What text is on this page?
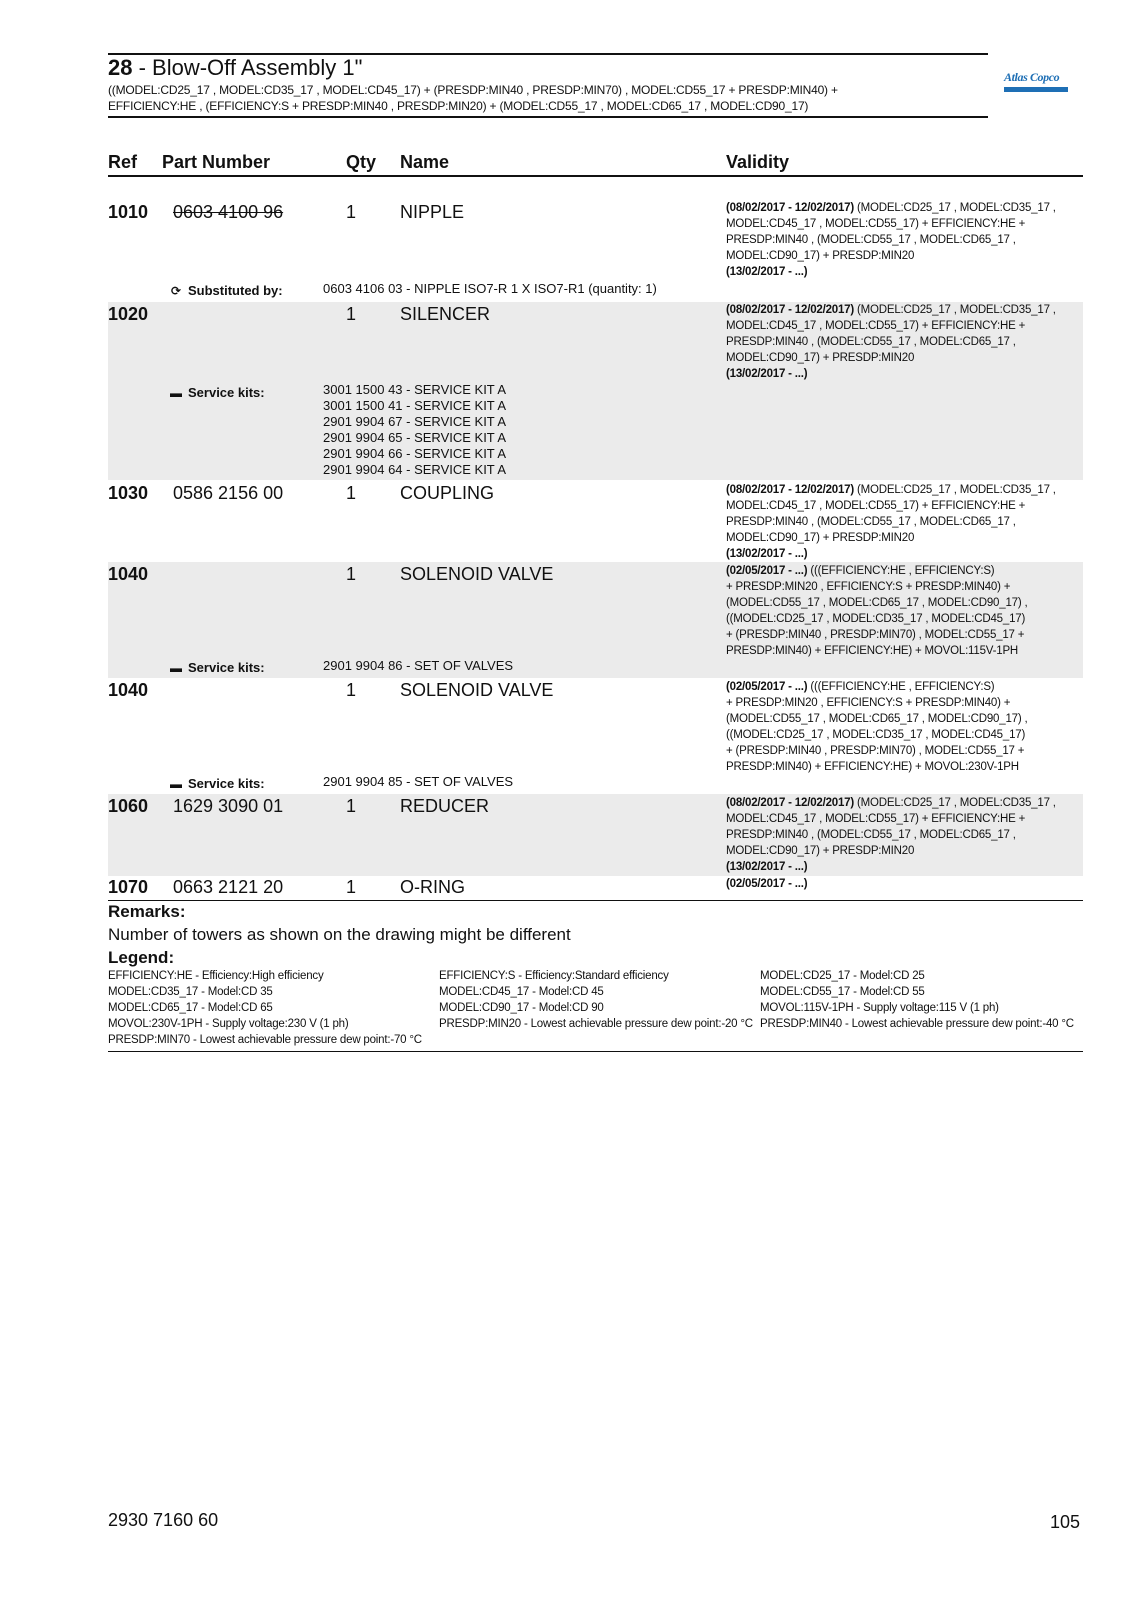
28 - Blow-Off Assembly 1"
((MODEL:CD25_17 , MODEL:CD35_17 , MODEL:CD45_17) + (PRESDP:MIN40 , PRESDP:MIN70) , MODEL:CD55_17 + PRESDP:MIN40) +
EFFICIENCY:HE , (EFFICIENCY:S + PRESDP:MIN40 , PRESDP:MIN20) + (MODEL:CD55_17 , MODEL:CD65_17 , MODEL:CD90_17)
Atlas Copco
Ref Part Number	Qty Name	Validity
1010 0603 4100 96	1 NIPPLE	(08/02/2017 - 12/02/2017) (MODEL:CD25_17 , MODEL:CD35_17 ,
MODEL:CD45_17 , MODEL:CD55_17) + EFFICIENCY:HE +
PRESDP:MIN40 , (MODEL:CD55_17 , MODEL:CD65_17 ,
MODEL:CD90_17) + PRESDP:MIN20
(13/02/2017 - ...)
⟳ Substituted by:	0603 4106 03 - NIPPLE ISO7-R 1 X ISO7-R1 (quantity: 1)
1020	1 SILENCER	(08/02/2017 - 12/02/2017) (MODEL:CD25_17 , MODEL:CD35_17 ,
MODEL:CD45_17 , MODEL:CD55_17) + EFFICIENCY:HE +
PRESDP:MIN40 , (MODEL:CD55_17 , MODEL:CD65_17 ,
MODEL:CD90_17) + PRESDP:MIN20
(13/02/2017 - ...)
▬ Service kits:	3001 1500 43 - SERVICE KIT A
3001 1500 41 - SERVICE KIT A
2901 9904 67 - SERVICE KIT A
2901 9904 65 - SERVICE KIT A
2901 9904 66 - SERVICE KIT A
2901 9904 64 - SERVICE KIT A
1030 0586 2156 00	1 COUPLING	(08/02/2017 - 12/02/2017) (MODEL:CD25_17 , MODEL:CD35_17 ,
MODEL:CD45_17 , MODEL:CD55_17) + EFFICIENCY:HE +
PRESDP:MIN40 , (MODEL:CD55_17 , MODEL:CD65_17 ,
MODEL:CD90_17) + PRESDP:MIN20
(13/02/2017 - ...)
1040	1 SOLENOID VALVE	(02/05/2017 - ...) (((EFFICIENCY:HE , EFFICIENCY:S)
+ PRESDP:MIN20 , EFFICIENCY:S + PRESDP:MIN40) +
(MODEL:CD55_17 , MODEL:CD65_17 , MODEL:CD90_17) ,
((MODEL:CD25_17 , MODEL:CD35_17 , MODEL:CD45_17)
+ (PRESDP:MIN40 , PRESDP:MIN70) , MODEL:CD55_17 +
PRESDP:MIN40) + EFFICIENCY:HE) + MOVOL:115V-1PH
▬ Service kits:	2901 9904 86 - SET OF VALVES
1040	1 SOLENOID VALVE	(02/05/2017 - ...) (((EFFICIENCY:HE , EFFICIENCY:S)
+ PRESDP:MIN20 , EFFICIENCY:S + PRESDP:MIN40) +
(MODEL:CD55_17 , MODEL:CD65_17 , MODEL:CD90_17) ,
((MODEL:CD25_17 , MODEL:CD35_17 , MODEL:CD45_17)
+ (PRESDP:MIN40 , PRESDP:MIN70) , MODEL:CD55_17 +
PRESDP:MIN40) + EFFICIENCY:HE) + MOVOL:230V-1PH
▬ Service kits:	2901 9904 85 - SET OF VALVES
1060 1629 3090 01	1 REDUCER	(08/02/2017 - 12/02/2017) (MODEL:CD25_17 , MODEL:CD35_17 ,
MODEL:CD45_17 , MODEL:CD55_17) + EFFICIENCY:HE +
PRESDP:MIN40 , (MODEL:CD55_17 , MODEL:CD65_17 ,
MODEL:CD90_17) + PRESDP:MIN20
(13/02/2017 - ...)
1070 0663 2121 20	1 O-RING	(02/05/2017 - ...)
Remarks:
Number of towers as shown on the drawing might be different
Legend:
EFFICIENCY:HE - Efficiency:High efficiency	EFFICIENCY:S - Efficiency:Standard efficiency	MODEL:CD25_17 - Model:CD 25
MODEL:CD35_17 - Model:CD 35	MODEL:CD45_17 - Model:CD 45	MODEL:CD55_17 - Model:CD 55
MODEL:CD65_17 - Model:CD 65	MODEL:CD90_17 - Model:CD 90	MOVOL:115V-1PH - Supply voltage:115 V (1 ph)
MOVOL:230V-1PH - Supply voltage:230 V (1 ph)	PRESDP:MIN20 - Lowest achievable pressure dew point:-20 °C PRESDP:MIN40 - Lowest achievable pressure dew point:-40 °C
PRESDP:MIN70 - Lowest achievable pressure dew point:-70 °C
2930 7160 60	105
